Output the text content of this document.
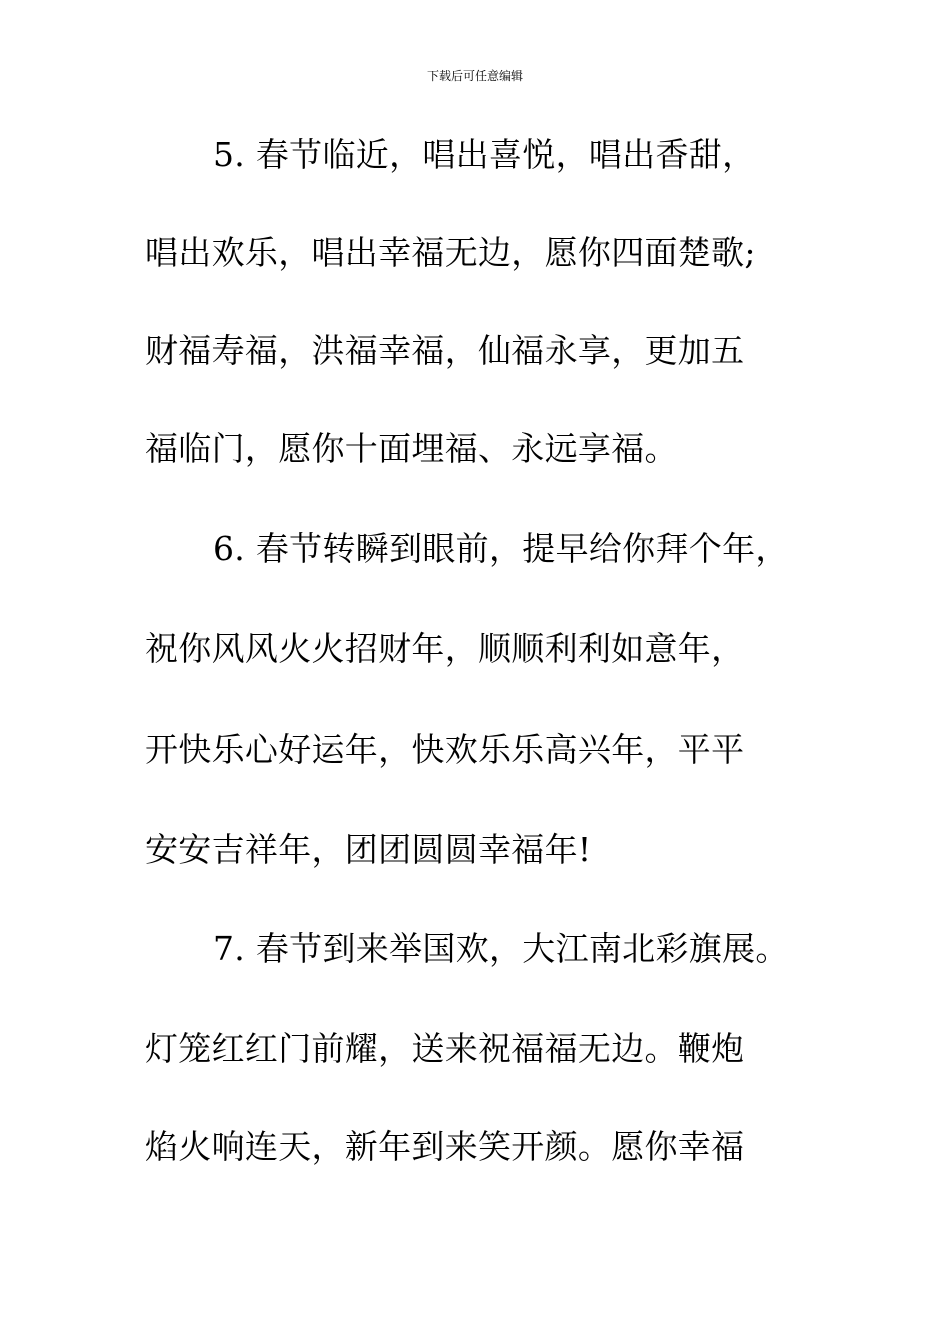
下载后可任意编辑
5. 春节临近，唱出喜悦，唱出香甜，
唱出欢乐，唱出幸福无边，愿你四面楚歌;
财福寿福，洪福幸福，仙福永享，更加五
福临门，愿你十面埋福、永远享福。
6. 春节转瞬到眼前，提早给你拜个年，
祝你风风火火招财年，顺顺利利如意年，
开快乐心好运年，快欢乐乐高兴年，平平
安安吉祥年，团团圆圆幸福年!
7. 春节到来举国欢，大江南北彩旗展。
灯笼红红门前耀，送来祝福福无边。鞭炮
焰火响连天，新年到来笑开颜。愿你幸福
